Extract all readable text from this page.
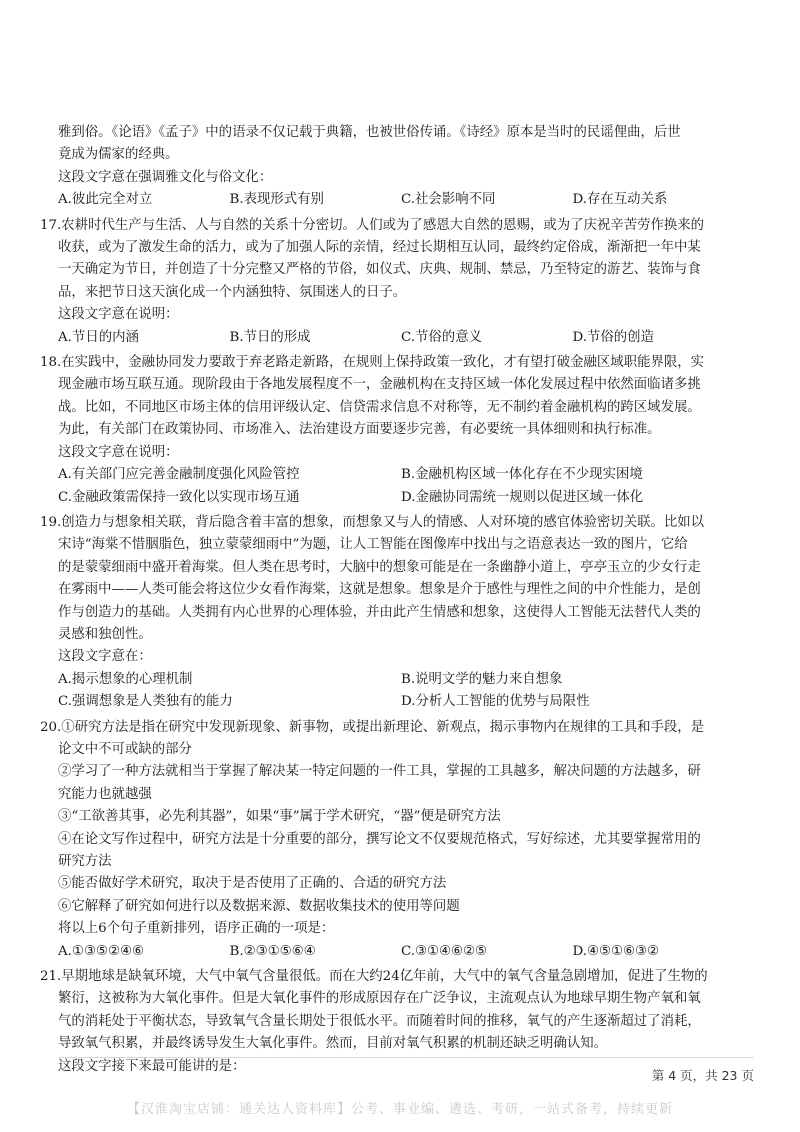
雅到俗。《论语》《孟子》中的语录不仅记载于典籍，也被世俗传诵。《诗经》原本是当时的民谣俚曲，后世

竟成为儒家的经典。

这段文字意在强调雅文化与俗文化：

A.彼此完全对立	B.表现形式有别	C.社会影响不同	D.存在互动关系

17.农耕时代生产与生活、人与自然的关系十分密切。人们或为了感恩大自然的恩赐，或为了庆祝辛苦劳作换来的

收获，或为了激发生命的活力，或为了加强人际的亲情，经过长期相互认同，最终约定俗成，渐渐把一年中某

一天确定为节日，并创造了十分完整又严格的节俗，如仪式、庆典、规制、禁忌，乃至特定的游艺、装饰与食

品，来把节日这天演化成一个内涵独特、氛围迷人的日子。

这段文字意在说明：

A.节日的内涵	B.节日的形成	C.节俗的意义	D.节俗的创造

18.在实践中，金融协同发力要敢于弃老路走新路，在规则上保持政策一致化，才有望打破金融区域职能界限，实

现金融市场互联互通。现阶段由于各地发展程度不一，金融机构在支持区域一体化发展过程中依然面临诸多挑

战。比如，不同地区市场主体的信用评级认定、信贷需求信息不对称等，无不制约着金融机构的跨区域发展。

为此，有关部门在政策协同、市场准入、法治建设方面要逐步完善，有必要统一具体细则和执行标准。

这段文字意在说明：

A.有关部门应完善金融制度强化风险管控	B.金融机构区域一体化存在不少现实困境
C.金融政策需保持一致化以实现市场互通	D.金融协同需统一规则以促进区域一体化

19.创造力与想象相关联，背后隐含着丰富的想象，而想象又与人的情感、人对环境的感官体验密切关联。比如以

宋诗“海棠不惜胭脂色，独立蒙蒙细雨中”为题，让人工智能在图像库中找出与之语意表达一致的图片，它给

的是蒙蒙细雨中盛开着海棠。但人类在思考时，大脑中的想象可能是在一条幽静小道上，亭亭玉立的少女行走

在雾雨中——人类可能会将这位少女看作海棠，这就是想象。想象是介于感性与理性之间的中介性能力，是创

作与创造力的基础。人类拥有内心世界的心理体验，并由此产生情感和想象，这使得人工智能无法替代人类的

灵感和独创性。

这段文字意在：

A.揭示想象的心理机制	B.说明文学的魅力来自想象
C.强调想象是人类独有的能力	D.分析人工智能的优势与局限性

20.①研究方法是指在研究中发现新现象、新事物，或提出新理论、新观点，揭示事物内在规律的工具和手段，是

论文中不可或缺的部分

②学习了一种方法就相当于掌握了解决某一特定问题的一件工具，掌握的工具越多，解决问题的方法越多，研

究能力也就越强

③“工欲善其事，必先利其器”，如果“事”属于学术研究，“器”便是研究方法

④在论文写作过程中，研究方法是十分重要的部分，撰写论文不仅要规范格式，写好综述，尤其要掌握常用的

研究方法

⑤能否做好学术研究，取决于是否使用了正确的、合适的研究方法

⑥它解释了研究如何进行以及数据来源、数据收集技术的使用等问题

将以上6个句子重新排列，语序正确的一项是：

A.①③⑤②④⑥	B.②③①⑤⑥④	C.③①④⑥②⑤	D.④⑤①⑥③②

21.早期地球是缺氧环境，大气中氧气含量很低。而在大约24亿年前，大气中的氧气含量急剧增加，促进了生物的

繁衍，这被称为大氧化事件。但是大氧化事件的形成原因存在广泛争议，主流观点认为地球早期生物产氧和氧

气的消耗处于平衡状态，导致氧气含量长期处于很低水平。而随着时间的推移，氧气的产生逐渐超过了消耗，

导致氧气积累，并最终诱导发生大氧化事件。然而，目前对氧气积累的机制还缺乏明确认知。

这段文字接下来最可能讲的是：

第 4 页，共 23 页
【汉淮淘宝店铺：通关达人资料库】公考、事业编、遴选、考研，一站式备考，持续更新
